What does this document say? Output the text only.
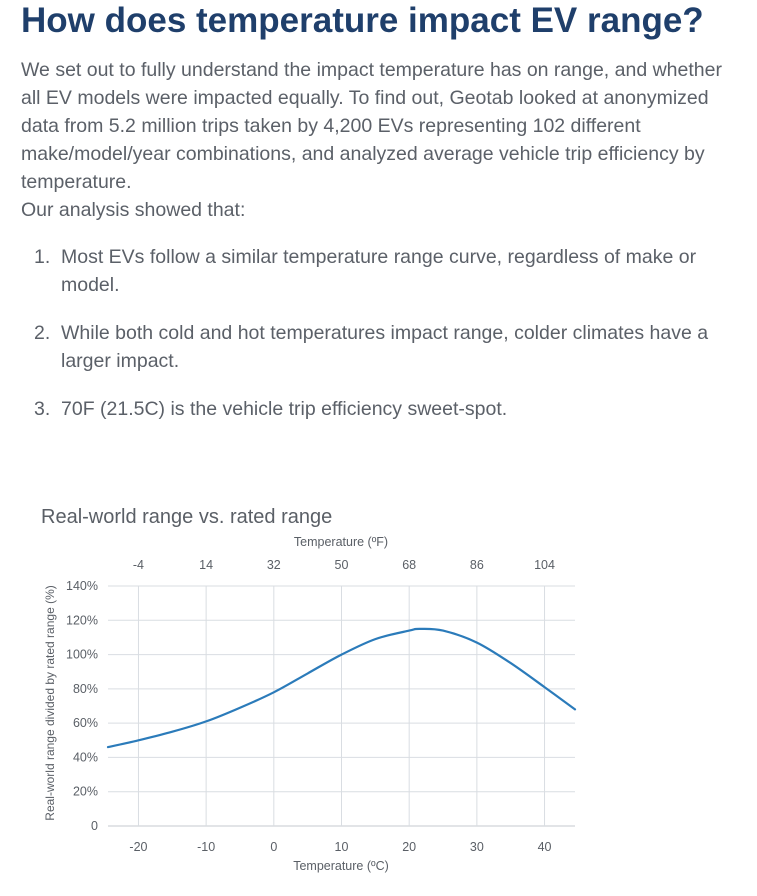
How does temperature impact EV range?

We set out to fully understand the impact temperature has on range, and whether all EV models were impacted equally. To find out, Geotab looked at anonymized data from 5.2 million trips taken by 4,200 EVs representing 102 different make/model/year combinations, and analyzed average vehicle trip efficiency by temperature.
Our analysis showed that:

1. Most EVs follow a similar temperature range curve, regardless of make or model.
2. While both cold and hot temperatures impact range, colder climates have a larger impact.
3. 70F (21.5C) is the vehicle trip efficiency sweet-spot.
Real-world range vs. rated range
Temperature (ºF)
Temperature (ºC)
Real-world range divided by rated range (%)
0
20%
40%
60%
80%
100%
120%
140%
-20
-4
-10
14
0
32
10
50
20
68
30
86
40
104
